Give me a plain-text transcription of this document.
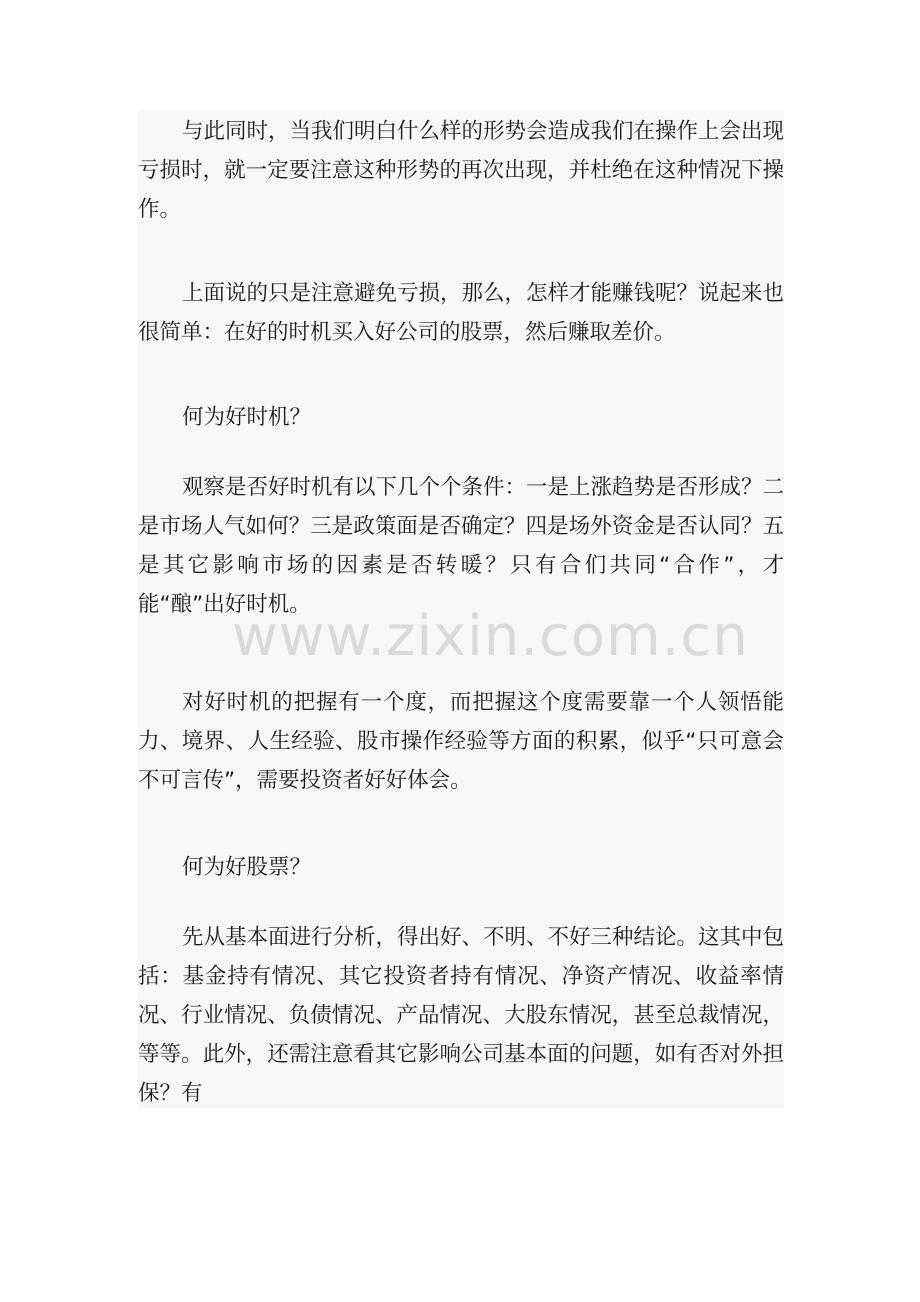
与此同时，当我们明白什么样的形势会造成我们在操作上会出现亏损时，就一定要注意这种形势的再次出现，并杜绝在这种情况下操作。

上面说的只是注意避免亏损，那么，怎样才能赚钱呢？说起来也很简单：在好的时机买入好公司的股票，然后赚取差价。

何为好时机？

观察是否好时机有以下几个个条件：一是上涨趋势是否形成？二是市场人气如何？三是政策面是否确定？四是场外资金是否认同？五是其它影响市场的因素是否转暖？只有合们共同“合作”，才能“酿”出好时机。

对好时机的把握有一个度，而把握这个度需要靠一个人领悟能力、境界、人生经验、股市操作经验等方面的积累，似乎“只可意会不可言传”，需要投资者好好体会。

何为好股票？

先从基本面进行分析，得出好、不明、不好三种结论。这其中包括：基金持有情况、其它投资者持有情况、净资产情况、收益率情况、行业情况、负债情况、产品情况、大股东情况，甚至总裁情况，等等。此外，还需注意看其它影响公司基本面的问题，如有否对外担保？有

www.zixin.com.cn
